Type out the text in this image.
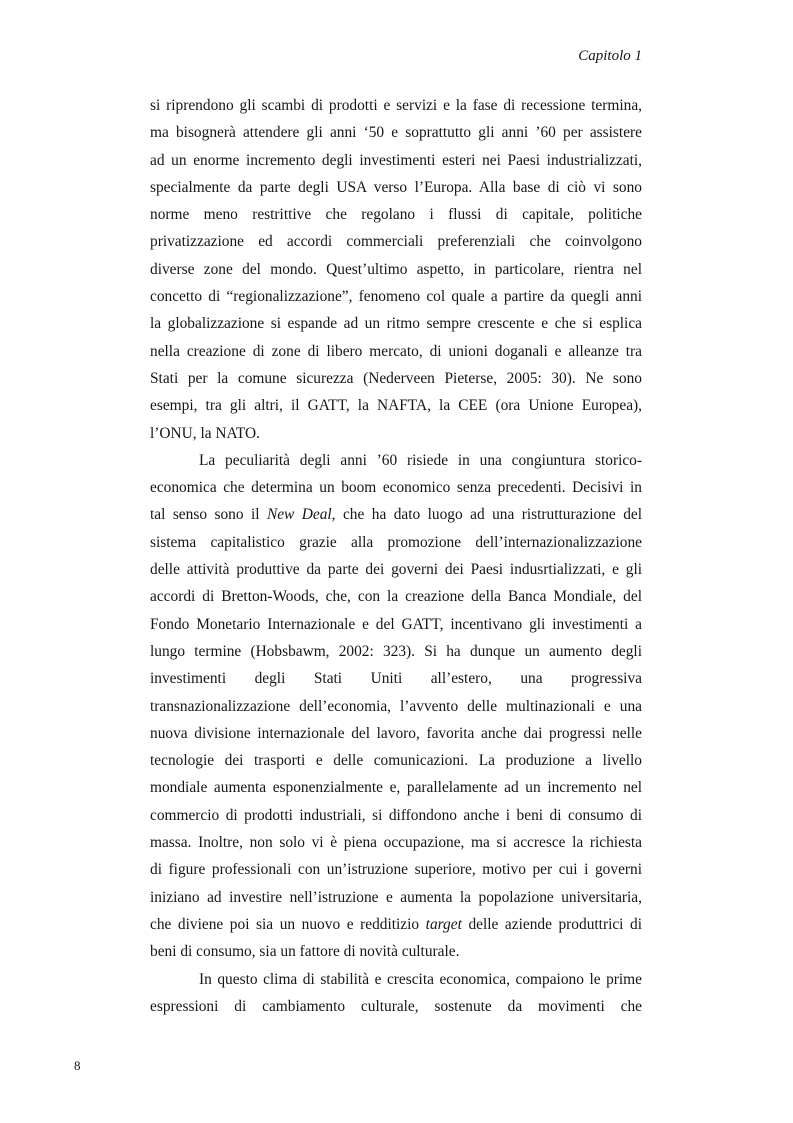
Capitolo 1
si riprendono gli scambi di prodotti e servizi e la fase di recessione termina,
ma bisognerà attendere gli anni ‘50 e soprattutto gli anni ’60 per assistere
ad un enorme incremento degli investimenti esteri nei Paesi industrializzati,
specialmente da parte degli USA verso l’Europa. Alla base di ciò vi sono
norme meno restrittive che regolano i flussi di capitale, politiche
privatizzazione ed accordi commerciali preferenziali che coinvolgono
diverse zone del mondo. Quest’ultimo aspetto, in particolare, rientra nel
concetto di “regionalizzazione”, fenomeno col quale a partire da quegli anni
la globalizzazione si espande ad un ritmo sempre crescente e che si esplica
nella creazione di zone di libero mercato, di unioni doganali e alleanze tra
Stati per la comune sicurezza (Nederveen Pieterse, 2005: 30). Ne sono
esempi, tra gli altri, il GATT, la NAFTA, la CEE (ora Unione Europea),
l’ONU, la NATO.
La peculiarità degli anni ’60 risiede in una congiuntura storico-
economica che determina un boom economico senza precedenti. Decisivi in
tal senso sono il New Deal, che ha dato luogo ad una ristrutturazione del
sistema capitalistico grazie alla promozione dell’internazionalizzazione
delle attività produttive da parte dei governi dei Paesi indusrtializzati, e gli
accordi di Bretton-Woods, che, con la creazione della Banca Mondiale, del
Fondo Monetario Internazionale e del GATT, incentivano gli investimenti a
lungo termine (Hobsbawm, 2002: 323). Si ha dunque un aumento degli
investimenti degli Stati Uniti all’estero, una progressiva
transnazionalizzazione dell’economia, l’avvento delle multinazionali e una
nuova divisione internazionale del lavoro, favorita anche dai progressi nelle
tecnologie dei trasporti e delle comunicazioni. La produzione a livello
mondiale aumenta esponenzialmente e, parallelamente ad un incremento nel
commercio di prodotti industriali, si diffondono anche i beni di consumo di
massa. Inoltre, non solo vi è piena occupazione, ma si accresce la richiesta
di figure professionali con un’istruzione superiore, motivo per cui i governi
iniziano ad investire nell’istruzione e aumenta la popolazione universitaria,
che diviene poi sia un nuovo e redditizio target delle aziende produttrici di
beni di consumo, sia un fattore di novità culturale.
In questo clima di stabilità e crescita economica, compaiono le prime
espressioni di cambiamento culturale, sostenute da movimenti che
8
